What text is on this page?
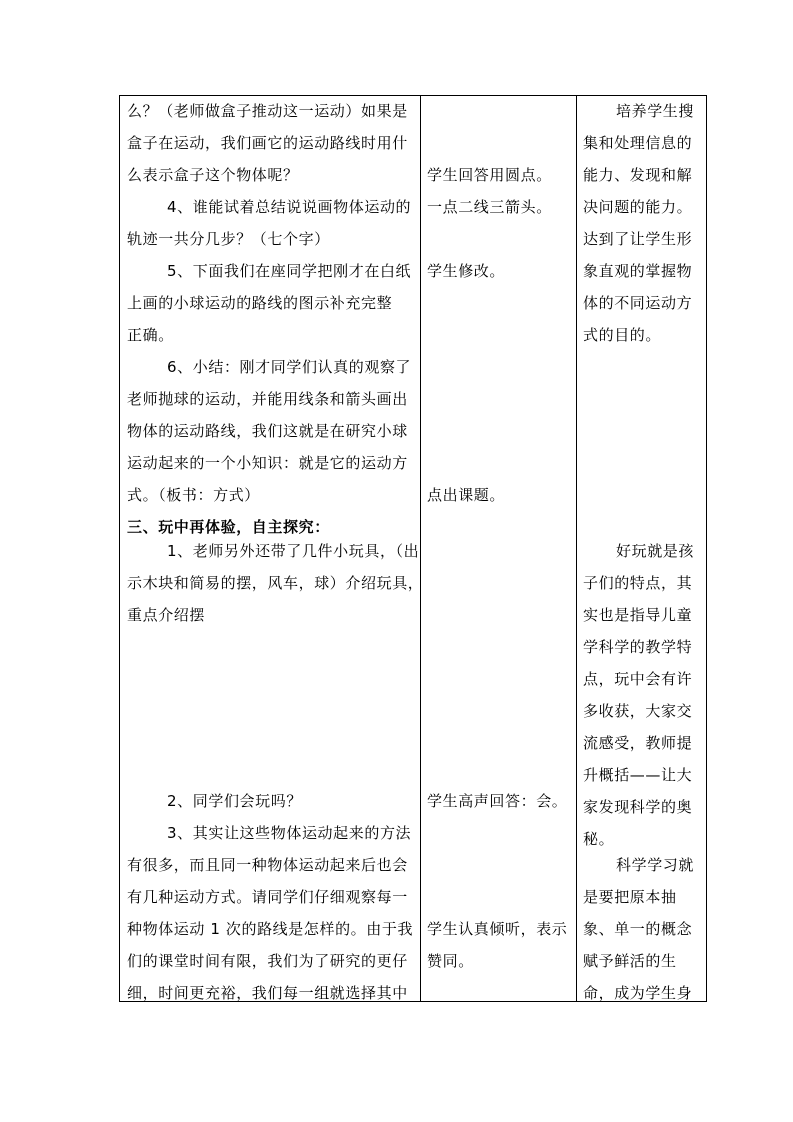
么？（老师做盒子推动这一运动）如果是
盒子在运动，我们画它的运动路线时用什
么表示盒子这个物体呢？
4、谁能试着总结说说画物体运动的
轨迹一共分几步？（七个字）
5、下面我们在座同学把刚才在白纸
上画的小球运动的路线的图示补充完整
正确。
6、小结：刚才同学们认真的观察了
老师抛球的运动，并能用线条和箭头画出
物体的运动路线，我们这就是在研究小球
运动起来的一个小知识：就是它的运动方
式。（板书：方式）
三、玩中再体验，自主探究：
1、老师另外还带了几件小玩具，（出
示木块和简易的摆，风车，球）介绍玩具，
重点介绍摆
2、同学们会玩吗？
3、其实让这些物体运动起来的方法
有很多，而且同一种物体运动起来后也会
有几种运动方式。请同学们仔细观察每一
种物体运动 1 次的路线是怎样的。由于我
们的课堂时间有限，我们为了研究的更仔
细，时间更充裕，我们每一组就选择其中
学生回答用圆点。
一点二线三箭头。
学生修改。
点出课题。
学生高声回答：会。
学生认真倾听，表示
赞同。
培养学生搜
集和处理信息的
能力、发现和解
决问题的能力。
达到了让学生形
象直观的掌握物
体的不同运动方
式的目的。
好玩就是孩
子们的特点，其
实也是指导儿童
学科学的教学特
点，玩中会有许
多收获，大家交
流感受，教师提
升概括——让大
家发现科学的奥
秘。
科学学习就
是要把原本抽
象、单一的概念
赋予鲜活的生
命，成为学生身
